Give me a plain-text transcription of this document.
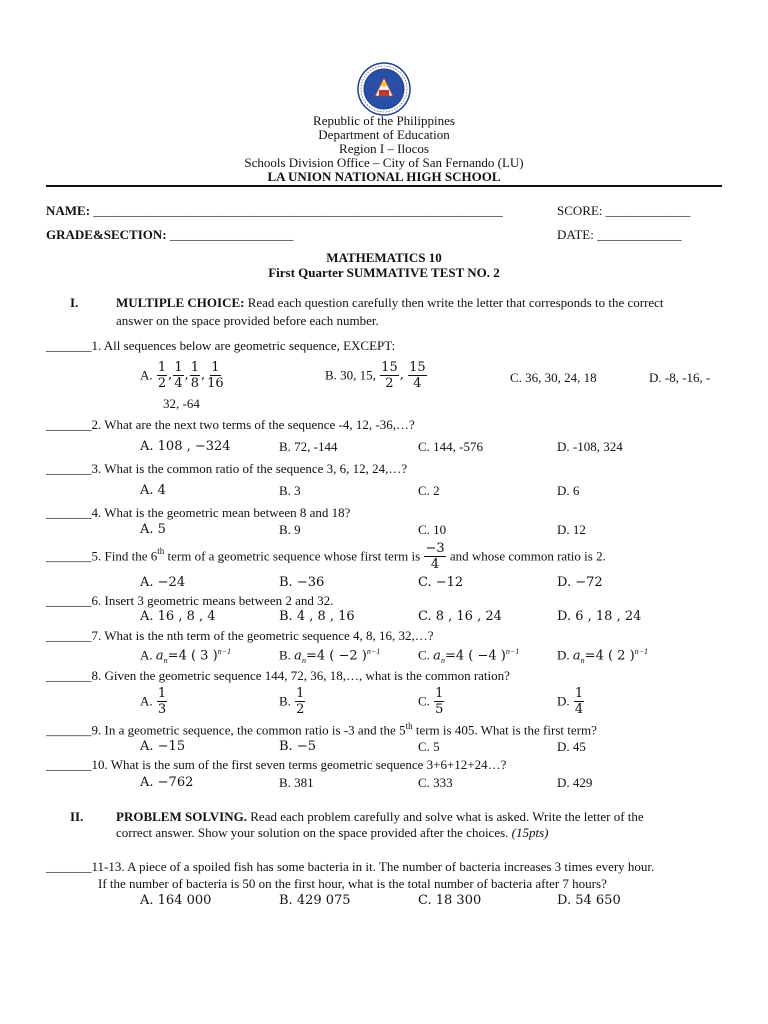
Republic of the Philippines
Department of Education
Region I – Ilocos
Schools Division Office – City of San Fernando (LU)
LA UNION NATIONAL HIGH SCHOOL
NAME: _______________________________________________________________	SCORE: _____________
GRADE&SECTION: ___________________	DATE: _____________
MATHEMATICS 10
First Quarter SUMMATIVE TEST NO. 2
I.	MULTIPLE CHOICE: Read each question carefully then write the letter that corresponds to the correct
answer on the space provided before each number.
_______1. All sequences below are geometric sequence, EXCEPT:
A. $\frac{1}{2}$ , $\frac{1}{4}$ , $\frac{1}{8}$ , $\frac{1}{16}$	B. 30, 15, $\frac{15}{2}$ , $\frac{15}{4}$	C. 36, 30, 24, 18	D. -8, -16, -
32, -64
_______2. What are the next two terms of the sequence -4, 12, -36,…?
A. 108 , −324	B. 72, -144	C. 144, -576	D. -108, 324
_______3. What is the common ratio of the sequence 3, 6, 12, 24,…?
A. 4	B. 3	C. 2	D. 6
_______4. What is the geometric mean between 8 and 18?
A. 5	B. 9	C. 10	D. 12
_______5. Find the 6th term of a geometric sequence whose first term is $\frac{-3}{4}$ and whose common ratio is 2.
A. −24	B. −36	C. −12	D. −72
_______6. Insert 3 geometric means between 2 and 32.
A. 16 , 8 , 4	B. 4 , 8 , 16	C. 8 , 16 , 24	D. 6 , 18 , 24
_______7. What is the nth term of the geometric sequence 4, 8, 16, 32,…?
A. $a_n=4$ ( 3 )$^{n-1}$	B. $a_n=4$ ( −2 )$^{n-1}$	C. $a_n=4$ ( −4 )$^{n-1}$	D. $a_n=4$ ( 2 )$^{n-1}$
_______8. Given the geometric sequence 144, 72, 36, 18,…, what is the common ration?
A. $\frac{1}{3}$	B. $\frac{1}{2}$	C. $\frac{1}{5}$	D. $\frac{1}{4}$
_______9. In a geometric sequence, the common ratio is -3 and the 5th term is 405. What is the first term?
A. −15	B. −5	C. 5	D. 45
_______10. What is the sum of the first seven terms geometric sequence 3+6+12+24…?
A. −762	B. 381	C. 333	D. 429
II.	PROBLEM SOLVING. Read each problem carefully and solve what is asked. Write the letter of the
correct answer. Show your solution on the space provided after the choices. (15pts)
_______11-13. A piece of a spoiled fish has some bacteria in it. The number of bacteria increases 3 times every hour.
If the number of bacteria is 50 on the first hour, what is the total number of bacteria after 7 hours?
A. 164 000	B. 429 075	C. 18 300	D. 54 650
